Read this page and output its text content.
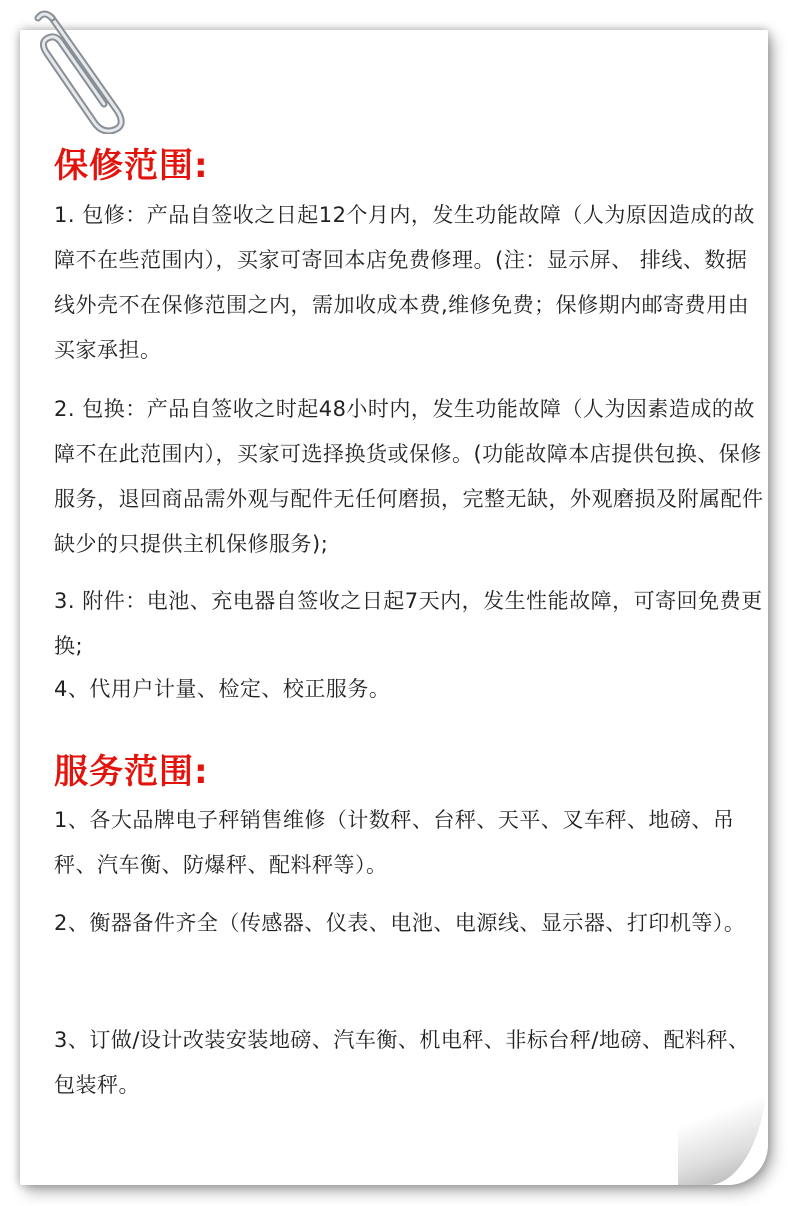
保修范围:

1. 包修：产品自签收之日起12个月内，发生功能故障（人为原因造成的故障不在些范围内），买家可寄回本店免费修理。(注：显示屏、 排线、数据线外壳不在保修范围之内，需加收成本费,维修免费；保修期内邮寄费用由买家承担。

2. 包换：产品自签收之时起48小时内，发生功能故障（人为因素造成的故障不在此范围内），买家可选择换货或保修。(功能故障本店提供包换、保修服务，退回商品需外观与配件无任何磨损，完整无缺，外观磨损及附属配件缺少的只提供主机保修服务);

3. 附件：电池、充电器自签收之日起7天内，发生性能故障，可寄回免费更换;

4、代用户计量、检定、校正服务。

服务范围:

1、各大品牌电子秤销售维修（计数秤、台秤、天平、叉车秤、地磅、吊秤、汽车衡、防爆秤、配料秤等）。

2、衡器备件齐全（传感器、仪表、电池、电源线、显示器、打印机等）。

3、订做/设计改装安装地磅、汽车衡、机电秤、非标台秤/地磅、配料秤、包装秤。
